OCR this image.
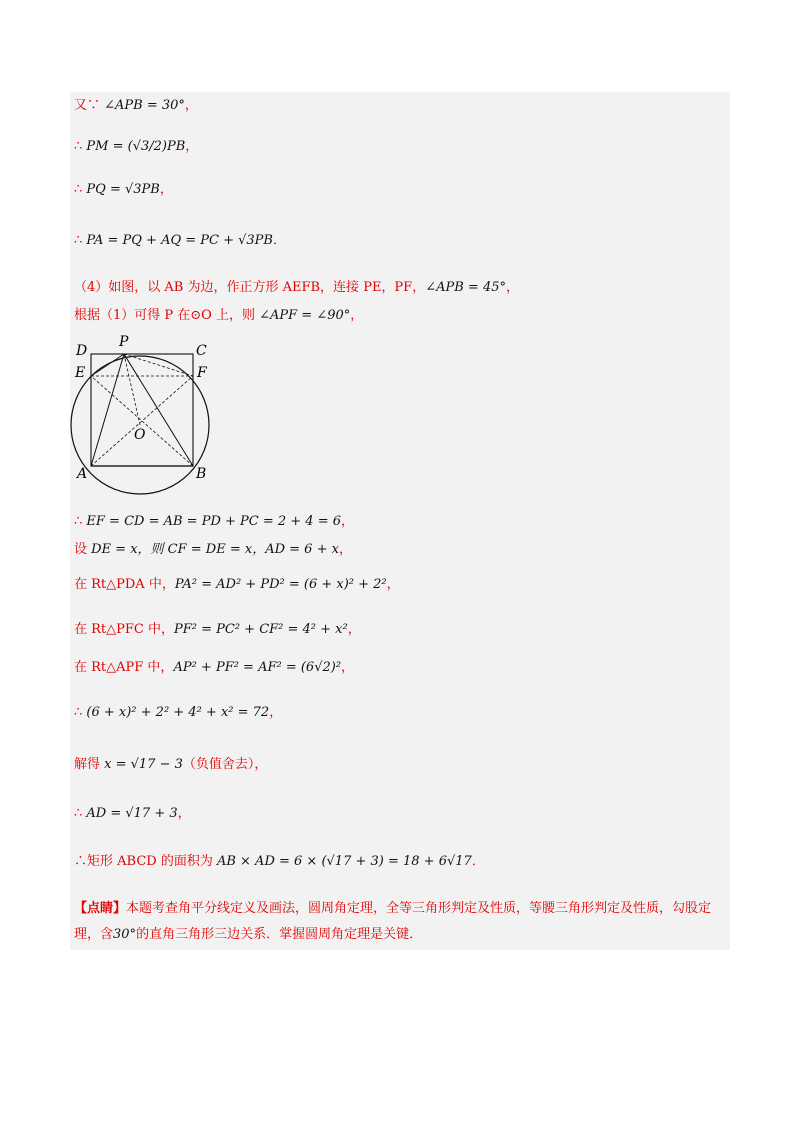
又∵ ∠APB = 30°，
∴ PM = (√3/2)PB，
∴ PQ = √3PB，
∴ PA = PQ + AQ = PC + √3PB．
（4）如图，以 AB 为边，作正方形 AEFB，连接 PE，PF，∠APB = 45°，
根据（1）可得 P 在⊙O 上，则 ∠APF = ∠90°，
∴ EF = CD = AB = PD + PC = 2 + 4 = 6，
设 DE = x，则 CF = DE = x，AD = 6 + x，
在 Rt△PDA 中，PA² = AD² + PD² = (6 + x)² + 2²，
在 Rt△PFC 中，PF² = PC² + CF² = 4² + x²，
在 Rt△APF 中，AP² + PF² = AF² = (6√2)²，
∴ (6 + x)² + 2² + 4² + x² = 72，
解得 x = √17 − 3（负值舍去），
∴ AD = √17 + 3，
∴矩形 ABCD 的面积为 AB × AD = 6 × (√17 + 3) = 18 + 6√17．
D
P
C
E	F
O
A	B
【点睛】本题考查角平分线定义及画法，圆周角定理，全等三角形判定及性质，等腰三角形判定及性质，勾股定理，含30°的直角三角形三边关系．掌握圆周角定理是关键．
